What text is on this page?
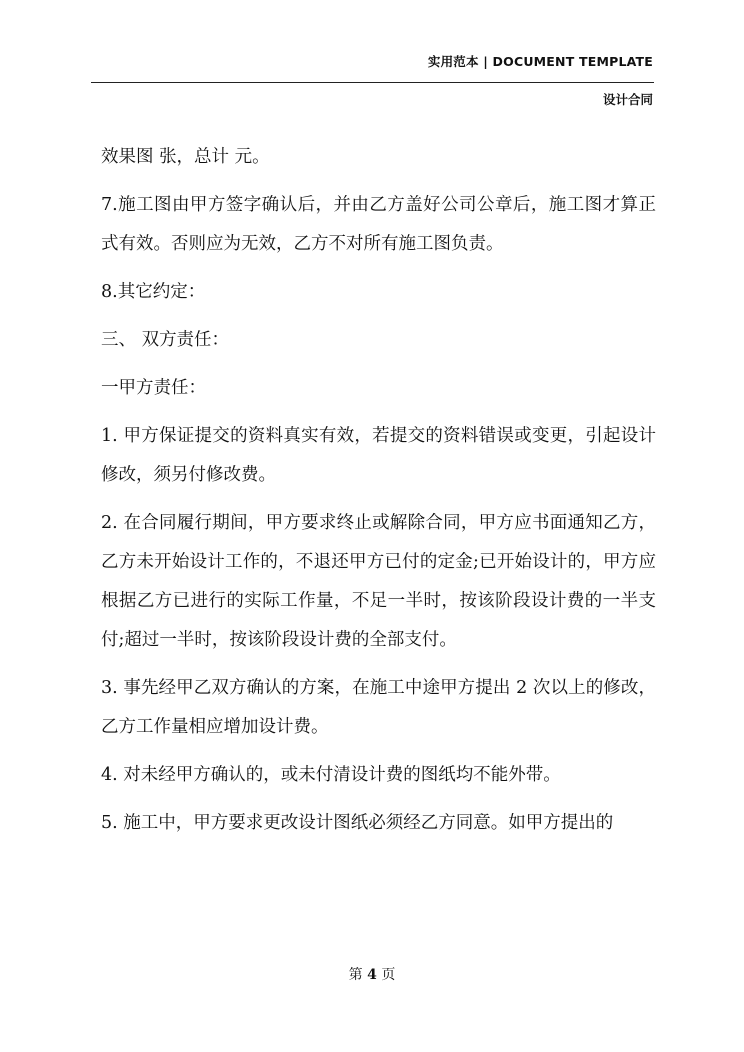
实用范本 | DOCUMENT TEMPLATE
设计合同

效果图 张，总计 元。

7.施工图由甲方签字确认后，并由乙方盖好公司公章后，施工图才算正式有效。否则应为无效，乙方不对所有施工图负责。

8.其它约定：

三、 双方责任：

一甲方责任：

1. 甲方保证提交的资料真实有效，若提交的资料错误或变更，引起设计修改，须另付修改费。

2. 在合同履行期间，甲方要求终止或解除合同，甲方应书面通知乙方，乙方未开始设计工作的，不退还甲方已付的定金;已开始设计的，甲方应根据乙方已进行的实际工作量，不足一半时，按该阶段设计费的一半支付;超过一半时，按该阶段设计费的全部支付。

3. 事先经甲乙双方确认的方案，在施工中途甲方提出 2 次以上的修改，乙方工作量相应增加设计费。

4. 对未经甲方确认的，或未付清设计费的图纸均不能外带。

5. 施工中，甲方要求更改设计图纸必须经乙方同意。如甲方提出的

第 4 页
